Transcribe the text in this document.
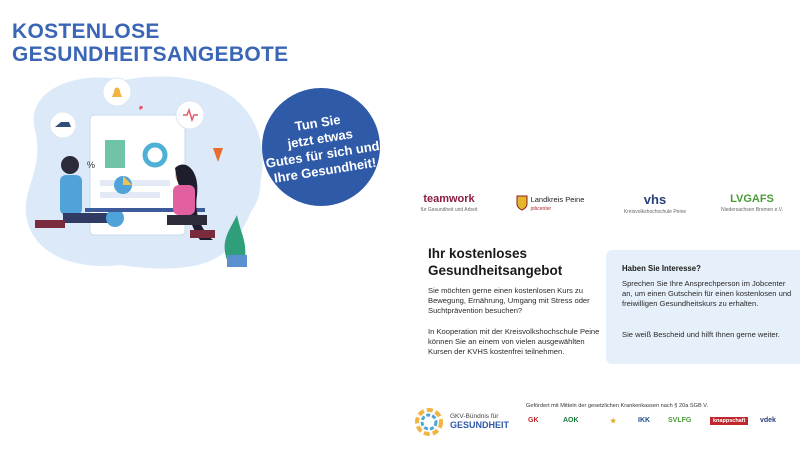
KOSTENLOSE
GESUNDHEITSANGEBOTE
%
Tun Sie
jetzt etwas
Gutes für sich und
Ihre Gesundheit!
teamwork
für Gesundheit und Arbeit
Landkreis Peine
jobcenter
vhs
Kreisvolkshochschule Peine
LVGAFS
Niedersachsen Bremen e.V.
Ihr kostenloses
Gesundheitsangebot
Sie möchten gerne einen kostenlosen Kurs zu Bewegung, Ernährung, Umgang mit Stress oder Suchtprävention besuchen?
In Kooperation mit der Kreisvolkshochschule Peine können Sie an einem von vielen ausgewählten Kursen der KVHS kostenfrei teilnehmen.
Haben Sie Interesse?
Sprechen Sie Ihre Ansprechperson im Jobcenter an, um einen Gutschein für einen kostenlosen und freiwilligen Gesundheitskurs zu erhalten.
Sie weiß Bescheid und hilft Ihnen gerne weiter.
GKV-Bündnis für
GESUNDHEIT
Gefördert mit Mitteln der gesetzlichen Krankenkassen nach § 20a SGB V.
GK	AOK	★	IKK	SVLFG	knappschaft	vdek
